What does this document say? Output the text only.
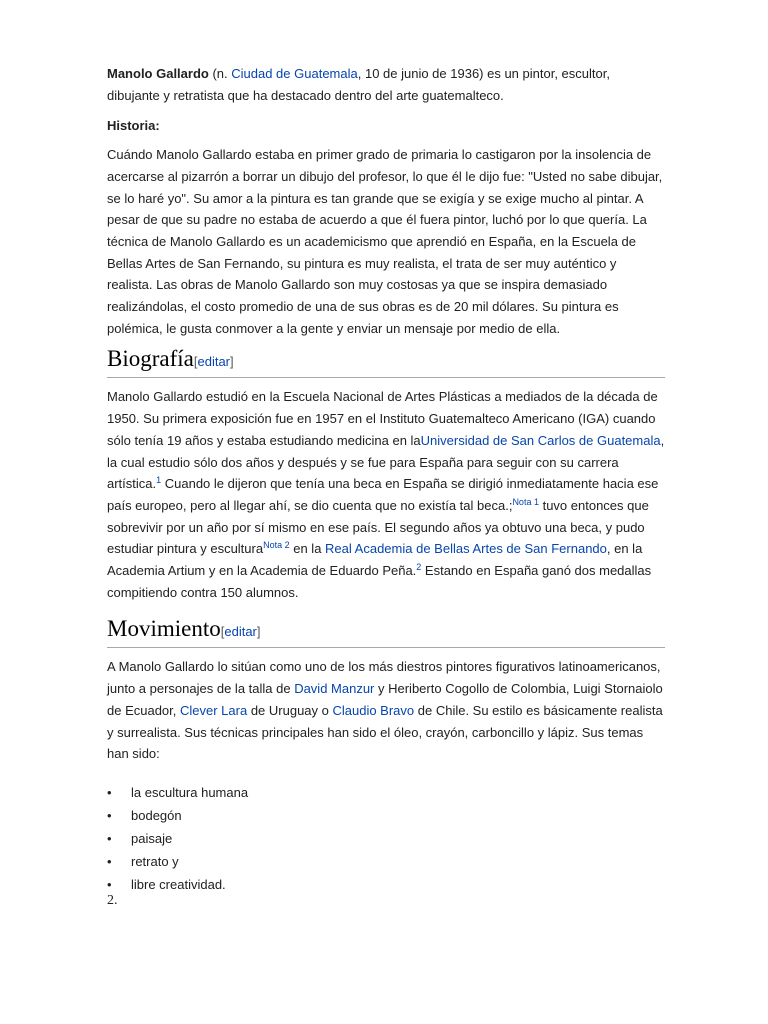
Manolo Gallardo (n. Ciudad de Guatemala, 10 de junio de 1936) es un pintor, escultor, dibujante y retratista que ha destacado dentro del arte guatemalteco.

Historia:

Cuándo Manolo Gallardo estaba en primer grado de primaria lo castigaron por la insolencia de acercarse al pizarrón a borrar un dibujo del profesor, lo que él le dijo fue: "Usted no sabe dibujar, se lo haré yo". Su amor a la pintura es tan grande que se exigía y se exige mucho al pintar. A pesar de que su padre no estaba de acuerdo a que él fuera pintor, luchó por lo que quería. La técnica de Manolo Gallardo es un academicismo que aprendió en España, en la Escuela de Bellas Artes de San Fernando, su pintura es muy realista, el trata de ser muy auténtico y realista. Las obras de Manolo Gallardo son muy costosas ya que se inspira demasiado realizándolas, el costo promedio de una de sus obras es de 20 mil dólares. Su pintura es polémica, le gusta conmover a la gente y enviar un mensaje por medio de ella.

Biografía[editar]

Manolo Gallardo estudió en la Escuela Nacional de Artes Plásticas a mediados de la década de 1950. Su primera exposición fue en 1957 en el Instituto Guatemalteco Americano (IGA) cuando sólo tenía 19 años y estaba estudiando medicina en laUniversidad de San Carlos de Guatemala, la cual estudio sólo dos años y después y se fue para España para seguir con su carrera artística.$^1$ Cuando le dijeron que tenía una beca en España se dirigió inmediatamente hacia ese país europeo, pero al llegar ahí, se dio cuenta que no existía tal beca.;$^{Nota 1}$ tuvo entonces que sobrevivir por un año por sí mismo en ese país. El segundo años ya obtuvo una beca, y pudo estudiar pintura y escultura$^{Nota 2}$ en la Real Academia de Bellas Artes de San Fernando, en la Academia Artium y en la Academia de Eduardo Peña.$^2$ Estando en España ganó dos medallas compitiendo contra 150 alumnos.

Movimiento[editar]

A Manolo Gallardo lo sitúan como uno de los más diestros pintores figurativos latinoamericanos, junto a personajes de la talla de David Manzur y Heriberto Cogollo de Colombia, Luigi Stornaiolo de Ecuador, Clever Lara de Uruguay o Claudio Bravo de Chile. Su estilo es básicamente realista y surrealista. Sus técnicas principales han sido el óleo, crayón, carboncillo y lápiz. Sus temas han sido:

• la escultura humana
• bodegón
• paisaje
• retrato y
• libre creatividad.

2.
